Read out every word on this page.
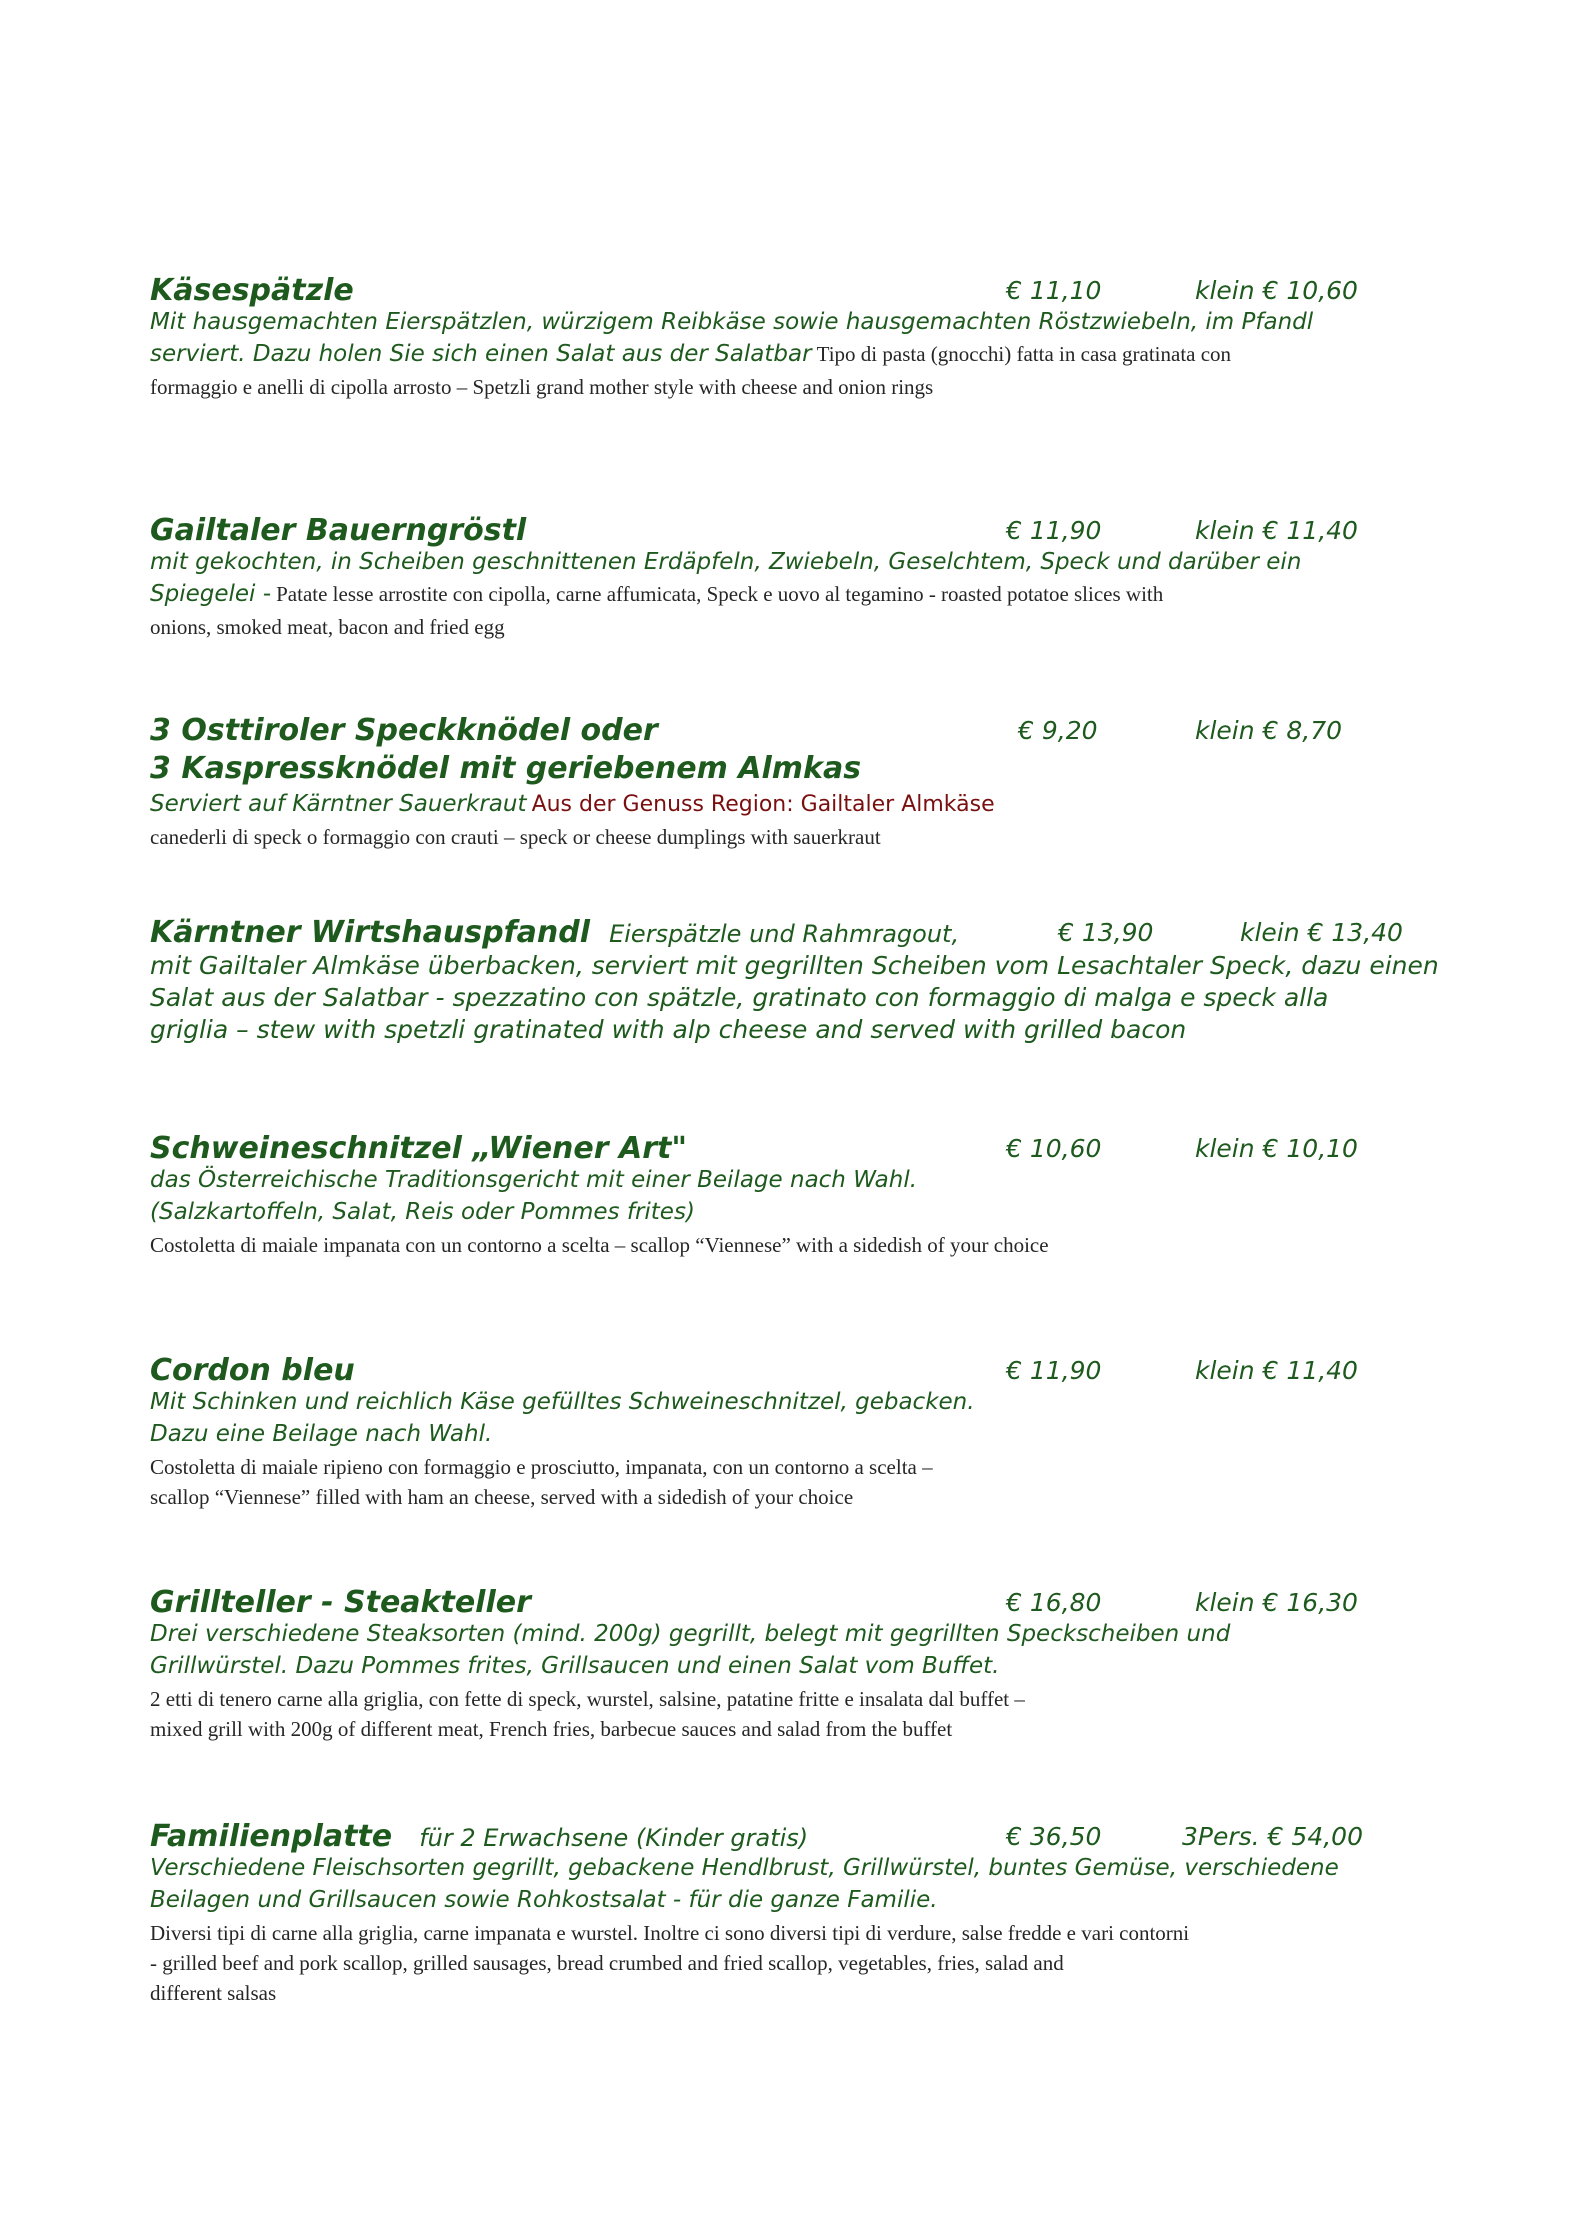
Käsespätzle	€ 11,10	klein € 10,60
Mit hausgemachten Eierspätzlen, würzigem Reibkäse sowie hausgemachten Röstzwiebeln, im Pfandl
serviert. Dazu holen Sie sich einen Salat aus der Salatbar Tipo di pasta (gnocchi) fatta in casa gratinata con
formaggio e anelli di cipolla arrosto – Spetzli grand mother style with cheese and onion rings
Gailtaler Bauerngröstl	€ 11,90	klein € 11,40
mit gekochten, in Scheiben geschnittenen Erdäpfeln, Zwiebeln, Geselchtem, Speck und darüber ein
Spiegelei - Patate lesse arrostite con cipolla, carne affumicata, Speck e uovo al tegamino - roasted potatoe slices with
onions, smoked meat, bacon and fried egg
3 Osttiroler Speckknödel oder
3 Kaspressknödel mit geriebenem Almkas
€ 9,20	klein € 8,70
Serviert auf Kärntner Sauerkraut Aus der Genuss Region: Gailtaler Almkäse
canederli di speck o formaggio con crauti – speck or cheese dumplings with sauerkraut
Kärntner Wirtshauspfandl Eierspätzle und Rahmragout,	€ 13,90	klein € 13,40
mit Gailtaler Almkäse überbacken, serviert mit gegrillten Scheiben vom Lesachtaler Speck, dazu einen
Salat aus der Salatbar - spezzatino con spätzle, gratinato con formaggio di malga e speck alla
griglia – stew with spetzli gratinated with alp cheese and served with grilled bacon
Schweineschnitzel „Wiener Art"	€ 10,60	klein € 10,10
das Österreichische Traditionsgericht mit einer Beilage nach Wahl.
(Salzkartoffeln, Salat, Reis oder Pommes frites)
Costoletta di maiale impanata con un contorno a scelta – scallop “Viennese” with a sidedish of your choice
Cordon bleu	€ 11,90	klein € 11,40
Mit Schinken und reichlich Käse gefülltes Schweineschnitzel, gebacken.
Dazu eine Beilage nach Wahl.
Costoletta di maiale ripieno con formaggio e prosciutto, impanata, con un contorno a scelta –
scallop “Viennese” filled with ham an cheese, served with a sidedish of your choice
Grillteller - Steakteller	€ 16,80	klein € 16,30
Drei verschiedene Steaksorten (mind. 200g) gegrillt, belegt mit gegrillten Speckscheiben und
Grillwürstel. Dazu Pommes frites, Grillsaucen und einen Salat vom Buffet.
2 etti di tenero carne alla griglia, con fette di speck, wurstel, salsine, patatine fritte e insalata dal buffet –
mixed grill with 200g of different meat, French fries, barbecue sauces and salad from the buffet
Familienplatte für 2 Erwachsene (Kinder gratis)	€ 36,50	3Pers. € 54,00
Verschiedene Fleischsorten gegrillt, gebackene Hendlbrust, Grillwürstel, buntes Gemüse, verschiedene
Beilagen und Grillsaucen sowie Rohkostsalat - für die ganze Familie.
Diversi tipi di carne alla griglia, carne impanata e wurstel. Inoltre ci sono diversi tipi di verdure, salse fredde e vari contorni
- grilled beef and pork scallop, grilled sausages, bread crumbed and fried scallop, vegetables, fries, salad and
different salsas
